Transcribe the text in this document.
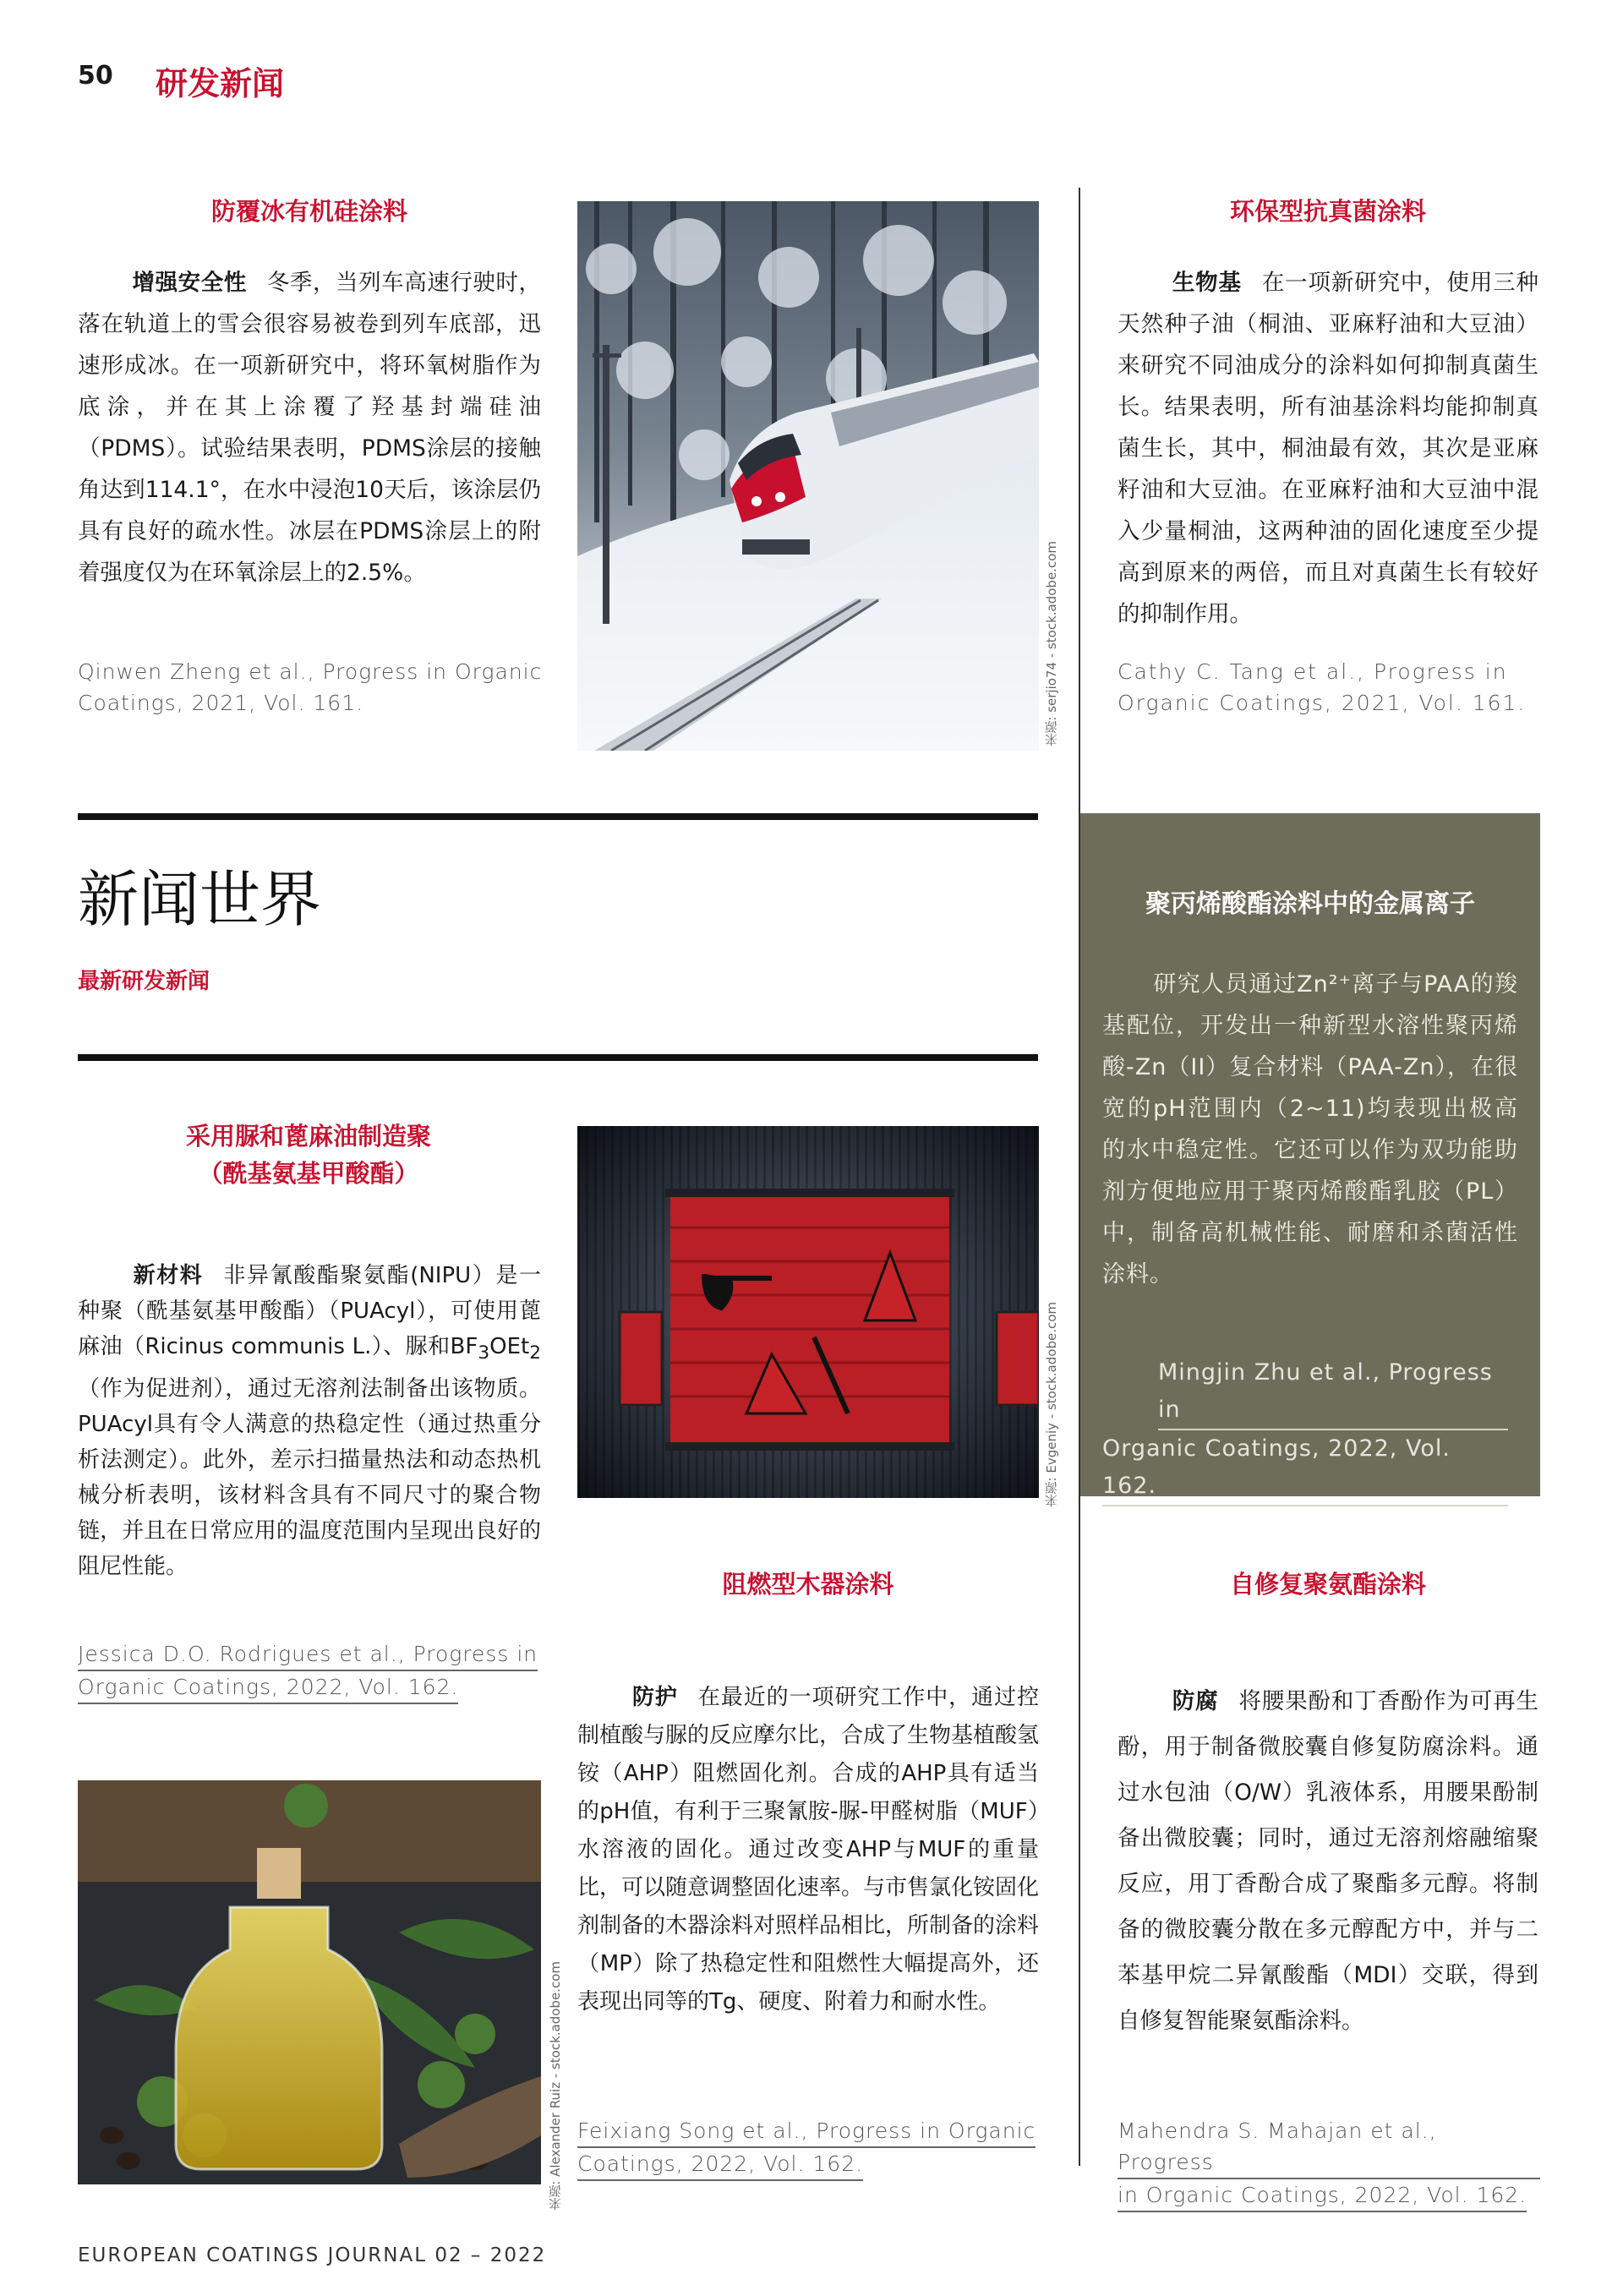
50 研发新闻
防覆冰有机硅涂料
增强安全性 冬季，当列车高速行驶时，落在轨道上的雪会很容易被卷到列车底部，迅速形成冰。在一项新研究中，将环氧树脂作为底涂，并在其上涂覆了羟基封端硅油（PDMS）。试验结果表明，PDMS涂层的接触角达到114.1°，在水中浸泡10天后，该涂层仍具有良好的疏水性。冰层在PDMS涂层上的附着强度仅为在环氧涂层上的2.5%。
Qinwen Zheng et al., Progress in Organic
Coatings, 2021, Vol. 161.	来源: serjio74 - stock.adobe.com
环保型抗真菌涂料
生物基 在一项新研究中，使用三种天然种子油（桐油、亚麻籽油和大豆油）来研究不同油成分的涂料如何抑制真菌生长。结果表明，所有油基涂料均能抑制真菌生长，其中，桐油最有效，其次是亚麻籽油和大豆油。在亚麻籽油和大豆油中混入少量桐油，这两种油的固化速度至少提高到原来的两倍，而且对真菌生长有较好的抑制作用。
Cathy C. Tang et al., Progress in
Organic Coatings, 2021, Vol. 161.
新闻世界
最新研发新闻
聚丙烯酸酯涂料中的金属离子
研究人员通过Zn²⁺离子与PAA的羧基配位，开发出一种新型水溶性聚丙烯酸-Zn（II）复合材料（PAA-Zn），在很宽的pH范围内（2~11)均表现出极高的水中稳定性。它还可以作为双功能助剂方便地应用于聚丙烯酸酯乳胶（PL）中，制备高机械性能、耐磨和杀菌活性涂料。
Mingjin Zhu et al., Progress in
Organic Coatings, 2022, Vol. 162.
采用脲和蓖麻油制造聚
（酰基氨基甲酸酯）
新材料 非异氰酸酯聚氨酯(NIPU）是一种聚（酰基氨基甲酸酯）（PUAcyl），可使用蓖麻油（Ricinus communis L.）、脲和$BF_3OEt_2$（作为促进剂），通过无溶剂法制备出该物质。PUAcyl具有令人满意的热稳定性（通过热重分析法测定）。此外，差示扫描量热法和动态热机械分析表明，该材料含具有不同尺寸的聚合物链，并且在日常应用的温度范围内呈现出良好的阻尼性能。
Jessica D.O. Rodrigues et al., Progress in
Organic Coatings, 2022, Vol. 162.
来源: Evgeniy - stock.adobe.com
阻燃型木器涂料
防护 在最近的一项研究工作中，通过控制植酸与脲的反应摩尔比，合成了生物基植酸氢铵（AHP）阻燃固化剂。合成的AHP具有适当的pH值，有利于三聚氰胺-脲-甲醛树脂（MUF）水溶液的固化。通过改变AHP与MUF的重量比，可以随意调整固化速率。与市售氯化铵固化剂制备的木器涂料对照样品相比，所制备的涂料（MP）除了热稳定性和阻燃性大幅提高外，还表现出同等的Tg、硬度、附着力和耐水性。
Feixiang Song et al., Progress in Organic
Coatings, 2022, Vol. 162.
来源: Alexander Ruiz - stock.adobe.com
自修复聚氨酯涂料
防腐 将腰果酚和丁香酚作为可再生酚，用于制备微胶囊自修复防腐涂料。通过水包油（O/W）乳液体系，用腰果酚制备出微胶囊；同时，通过无溶剂熔融缩聚反应，用丁香酚合成了聚酯多元醇。将制备的微胶囊分散在多元醇配方中，并与二苯基甲烷二异氰酸酯（MDI）交联，得到自修复智能聚氨酯涂料。
Mahendra S. Mahajan et al., Progress
in Organic Coatings, 2022, Vol. 162.
EUROPEAN COATINGS JOURNAL 02 – 2022
